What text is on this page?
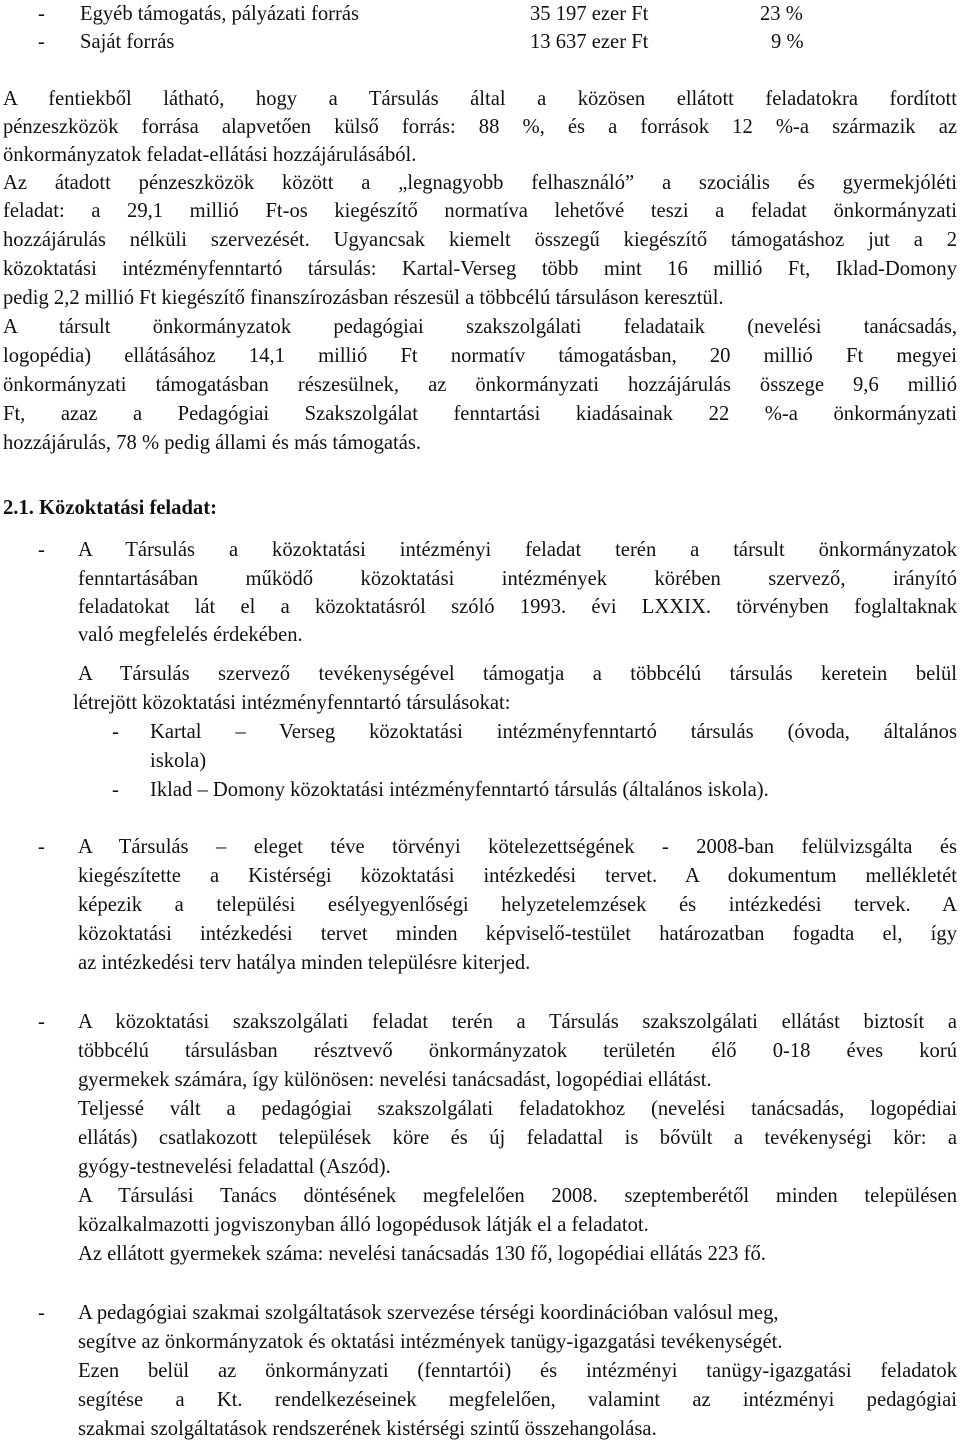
- Egyéb támogatás, pályázati forrás	35 197 ezer Ft	23 %
- Saját forrás	13 637 ezer Ft	9 %
A fentiekből látható, hogy a Társulás által a közösen ellátott feladatokra fordított
pénzeszközök forrása alapvetően külső forrás: 88 %, és a források 12 %-a származik az
önkormányzatok feladat-ellátási hozzájárulásából.
Az átadott pénzeszközök között a „legnagyobb felhasználó” a szociális és gyermekjóléti
feladat: a 29,1 millió Ft-os kiegészítő normatíva lehetővé teszi a feladat önkormányzati
hozzájárulás nélküli szervezését. Ugyancsak kiemelt összegű kiegészítő támogatáshoz jut a 2
közoktatási intézményfenntartó társulás: Kartal-Verseg több mint 16 millió Ft, Iklad-Domony
pedig 2,2 millió Ft kiegészítő finanszírozásban részesül a többcélú társuláson keresztül.
A társult önkormányzatok pedagógiai szakszolgálati feladataik (nevelési tanácsadás,
logopédia) ellátásához 14,1 millió Ft normatív támogatásban, 20 millió Ft megyei
önkormányzati támogatásban részesülnek, az önkormányzati hozzájárulás összege 9,6 millió
Ft, azaz a Pedagógiai Szakszolgálat fenntartási kiadásainak 22 %-a önkormányzati
hozzájárulás, 78 % pedig állami és más támogatás.
2.1. Közoktatási feladat:
- A Társulás a közoktatási intézményi feladat terén a társult önkormányzatok
fenntartásában működő közoktatási intézmények körében szervező, irányító
feladatokat lát el a közoktatásról szóló 1993. évi LXXIX. törvényben foglaltaknak
való megfelelés érdekében.
A Társulás szervező tevékenységével támogatja a többcélú társulás keretein belül
létrejött közoktatási intézményfenntartó társulásokat:
- Kartal – Verseg közoktatási intézményfenntartó társulás (óvoda, általános
iskola)
- Iklad – Domony közoktatási intézményfenntartó társulás (általános iskola).
- A Társulás – eleget téve törvényi kötelezettségének - 2008-ban felülvizsgálta és
kiegészítette a Kistérségi közoktatási intézkedési tervet. A dokumentum mellékletét
képezik a települési esélyegyenlőségi helyzetelemzések és intézkedési tervek. A
közoktatási intézkedési tervet minden képviselő-testület határozatban fogadta el, így
az intézkedési terv hatálya minden településre kiterjed.
- A közoktatási szakszolgálati feladat terén a Társulás szakszolgálati ellátást biztosít a
többcélú társulásban résztvevő önkormányzatok területén élő 0-18 éves korú
gyermekek számára, így különösen: nevelési tanácsadást, logopédiai ellátást.
Teljessé vált a pedagógiai szakszolgálati feladatokhoz (nevelési tanácsadás, logopédiai
ellátás) csatlakozott települések köre és új feladattal is bővült a tevékenységi kör: a
gyógy-testnevelési feladattal (Aszód).
A Társulási Tanács döntésének megfelelően 2008. szeptemberétől minden településen
közalkalmazotti jogviszonyban álló logopédusok látják el a feladatot.
Az ellátott gyermekek száma: nevelési tanácsadás 130 fő, logopédiai ellátás 223 fő.
- A pedagógiai szakmai szolgáltatások szervezése térségi koordinációban valósul meg,
segítve az önkormányzatok és oktatási intézmények tanügy-igazgatási tevékenységét.
Ezen belül az önkormányzati (fenntartói) és intézményi tanügy-igazgatási feladatok
segítése a Kt. rendelkezéseinek megfelelően, valamint az intézményi pedagógiai
szakmai szolgáltatások rendszerének kistérségi szintű összehangolása.
